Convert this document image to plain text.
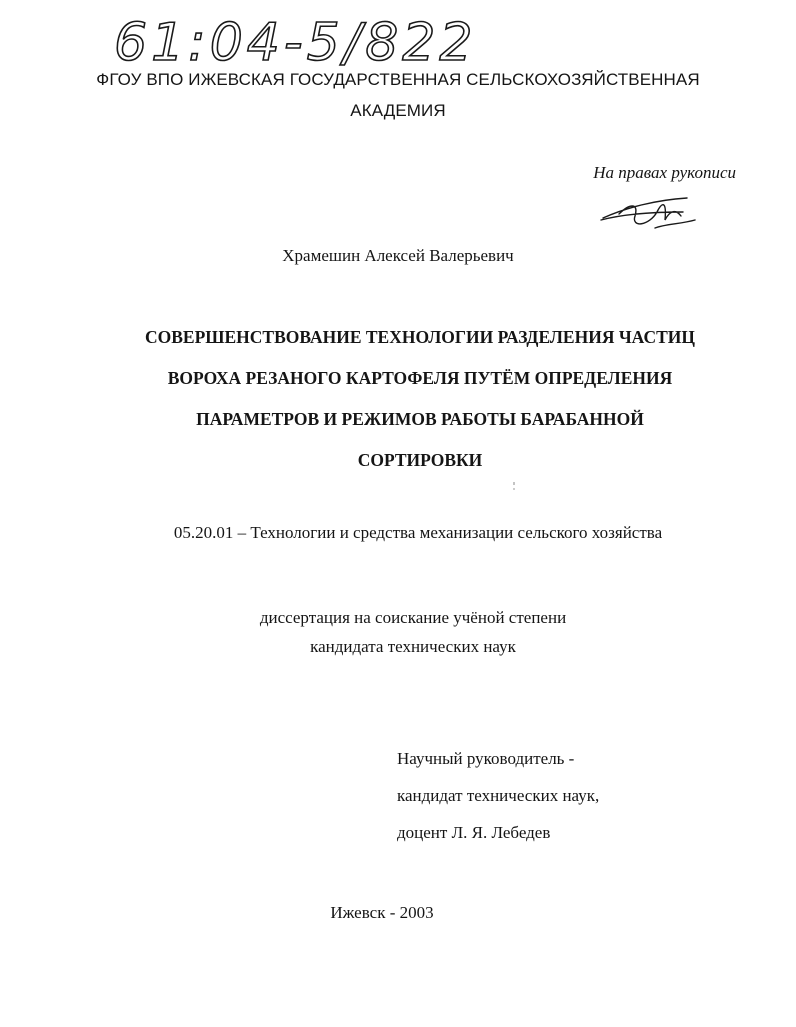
61:04-5/822
ФГОУ ВПО ИЖЕВСКАЯ ГОСУДАРСТВЕННАЯ СЕЛЬСКОХОЗЯЙСТВЕННАЯ
АКАДЕМИЯ
На правах рукописи
Храмешин Алексей Валерьевич
СОВЕРШЕНСТВОВАНИЕ ТЕХНОЛОГИИ РАЗДЕЛЕНИЯ ЧАСТИЦ
ВОРОХА РЕЗАНОГО КАРТОФЕЛЯ ПУТЁМ ОПРЕДЕЛЕНИЯ
ПАРАМЕТРОВ И РЕЖИМОВ РАБОТЫ БАРАБАННОЙ
СОРТИРОВКИ
05.20.01 – Технологии и средства механизации сельского хозяйства
диссертация на соискание учёной степени
кандидата технических наук
Научный руководитель -
кандидат технических наук,
доцент Л. Я. Лебедев
Ижевск - 2003
